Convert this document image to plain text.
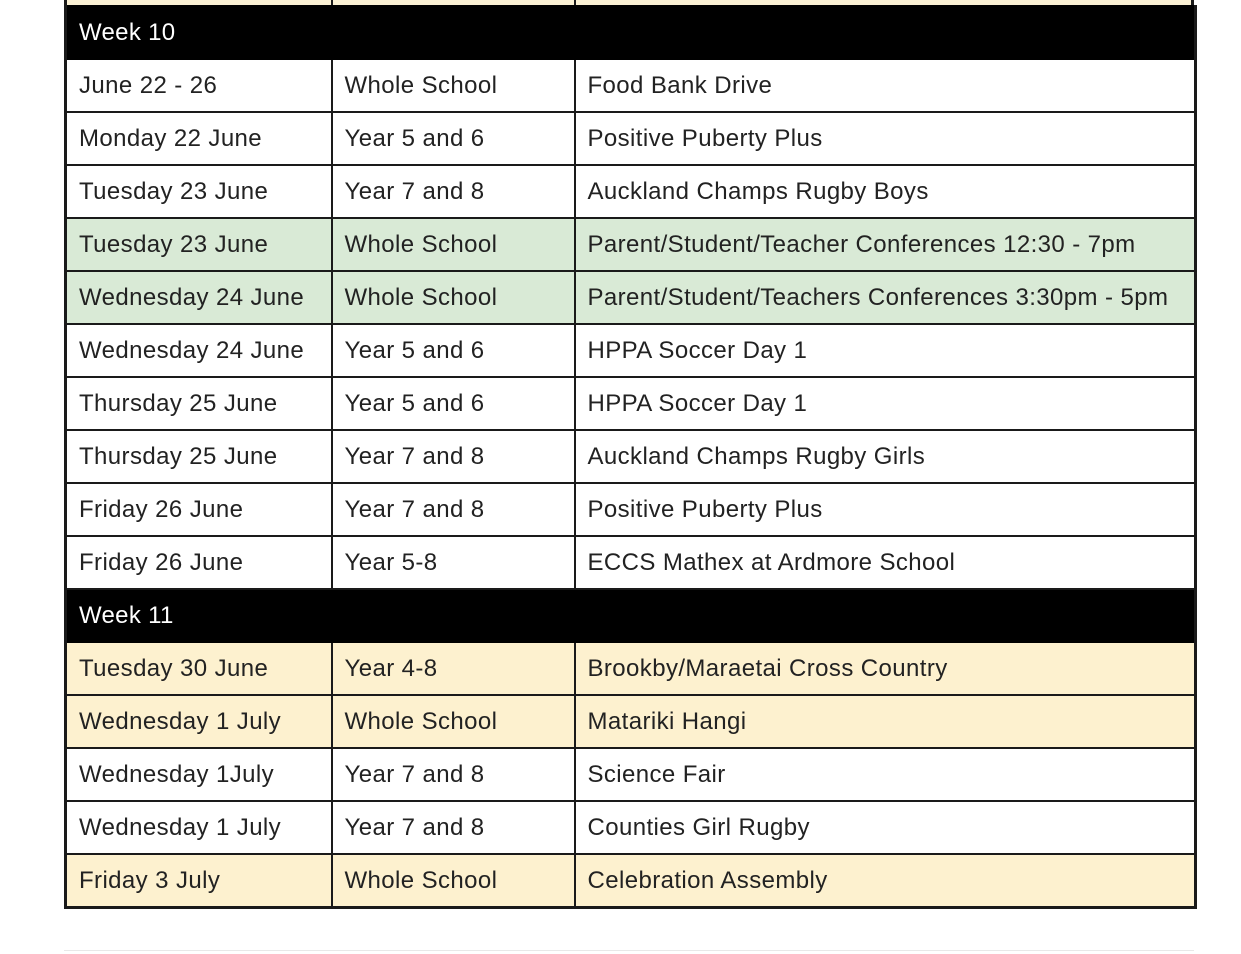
Week 10		
June 22 - 26	Whole School	Food Bank Drive
Monday 22 June	Year 5 and 6	Positive Puberty Plus
Tuesday 23 June	Year 7 and 8	Auckland Champs Rugby Boys
Tuesday 23 June	Whole School	Parent/Student/Teacher Conferences 12:30 - 7pm
Wednesday 24 June	Whole School	Parent/Student/Teachers Conferences 3:30pm - 5pm
Wednesday 24 June	Year 5 and 6	HPPA Soccer Day 1
Thursday 25 June	Year 5 and 6	HPPA Soccer Day 1
Thursday 25 June	Year 7 and 8	Auckland Champs Rugby Girls
Friday 26 June	Year 7 and 8	Positive Puberty Plus
Friday 26 June	Year 5-8	ECCS Mathex at Ardmore School
Week 11		
Tuesday 30 June	Year 4-8	Brookby/Maraetai Cross Country
Wednesday 1 July	Whole School	Matariki Hangi
Wednesday 1July	Year 7 and 8	Science Fair
Wednesday 1 July	Year 7 and 8	Counties Girl Rugby
Friday 3 July	Whole School	Celebration Assembly
